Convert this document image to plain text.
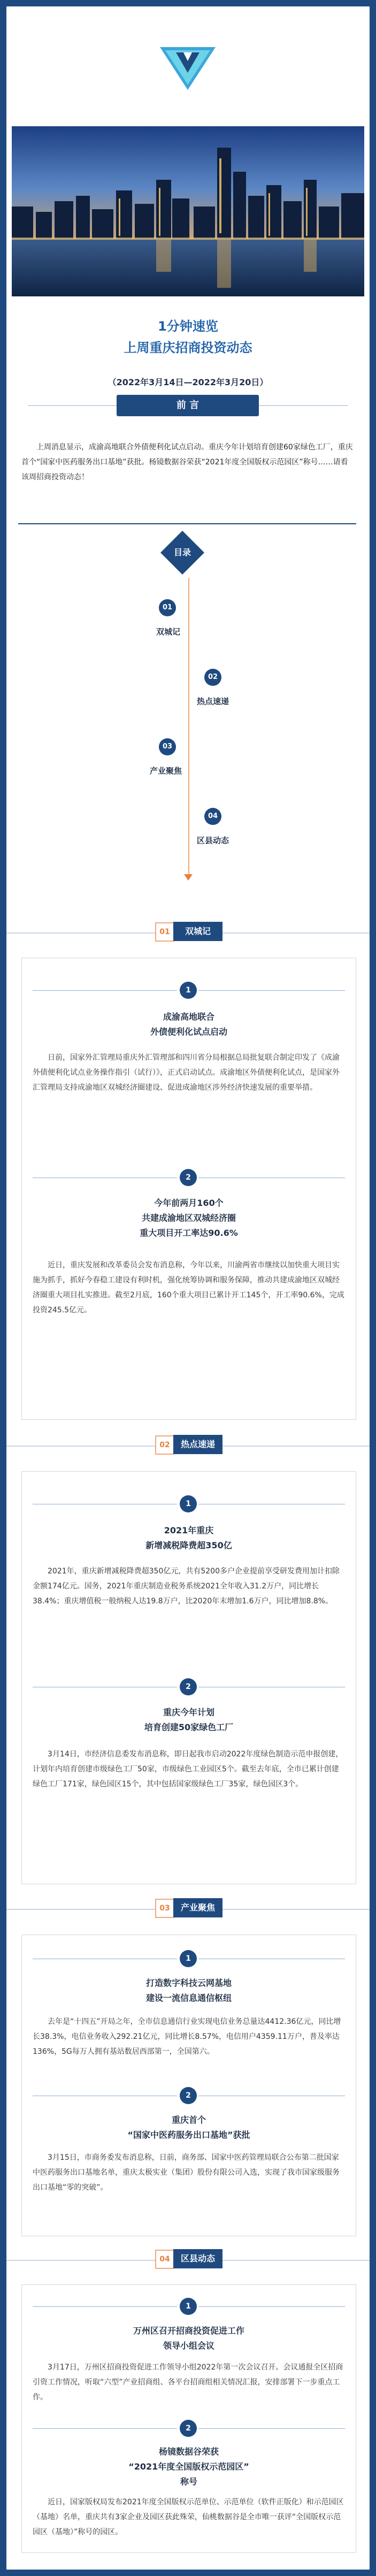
1分钟速览
上周重庆招商投资动态
（2022年3月14日—2022年3月20日）
前 言
上周消息显示，成渝高地联合外债便利化试点启动。重庆今年计划培育创建60家绿色工厂，重庆首个“国家中医药服务出口基地”获批。杨镜数据谷荣获“2021年度全国版权示范园区”称号……请看该周招商投资动态！
目录
01
双城记
02
热点速递
03
产业聚焦
04
区县动态
01	双城记
1
成渝高地联合
外债便利化试点启动
日前，国家外汇管理局重庆外汇管理部和四川省分局根据总局批复联合制定印发了《成渝外债便利化试点业务操作指引（试行）》，正式启动试点。成渝地区外债便利化试点，是国家外汇管理局支持成渝地区双城经济圈建设、促进成渝地区涉外经济快速发展的重要举措。
2
今年前两月160个
共建成渝地区双城经济圈
重大项目开工率达90.6%
近日，重庆发展和改革委员会发布消息称，今年以来，川渝两省市继续以加快重大项目实施为抓手，抓好今春稳工建设有利时机，强化统筹协调和服务保障，推动共建成渝地区双城经济圈重大项目扎实推进。截至2月底，160个重大项目已累计开工145个，开工率90.6%，完成投资245.5亿元。
02	热点速递
1
2021年重庆
新增减税降费超350亿
2021年，重庆新增减税降费超350亿元，共有5200多户企业提前享受研发费用加计扣除金额174亿元。国务，2021年重庆制造业税务系统2021全年收入31.2万户，同比增长38.4%；重庆增值税一般纳税人达19.8万户，比2020年末增加1.6万户，同比增加8.8%。
2
重庆今年计划
培育创建50家绿色工厂
3月14日，市经济信息委发布消息称，即日起我市启动2022年度绿色制造示范申报创建，计划年内培育创建市级绿色工厂50家，市级绿色工业园区5个。截至去年底，全市已累计创建绿色工厂171家，绿色园区15个，其中包括国家级绿色工厂35家，绿色园区3个。
03	产业聚焦
1
打造数字科技云网基地
建设一流信息通信枢纽
去年是“十四五”开局之年，全市信息通信行业实现电信业务总量达4412.36亿元，同比增长38.3%，电信业务收入292.21亿元，同比增长8.57%，电信用户4359.11万户，普及率达136%，5G每万人拥有基站数居西部第一，全国第六。
2
重庆首个
“国家中医药服务出口基地”获批
3月15日，市商务委发布消息称，日前，商务部、国家中医药管理局联合公布第二批国家中医药服务出口基地名单，重庆太极实业（集团）股份有限公司入选，实现了我市国家级服务出口基地“零的突破”。
04	区县动态
1
万州区召开招商投资促进工作
领导小组会议
3月17日，万州区招商投资促进工作领导小组2022年第一次会议召开。会议通报全区招商引资工作情况，听取“六型”产业招商组、各平台招商组相关情况汇报，安排部署下一步重点工作。
2
杨镜数据谷荣获
“2021年度全国版权示范园区”
称号
近日，国家版权局发布2021年度全国版权示范单位、示范单位（软件正版化）和示范园区（基地）名单，重庆共有3家企业及园区获此殊荣，仙桃数据谷是全市唯一获评“全国版权示范园区（基地）”称号的园区。
